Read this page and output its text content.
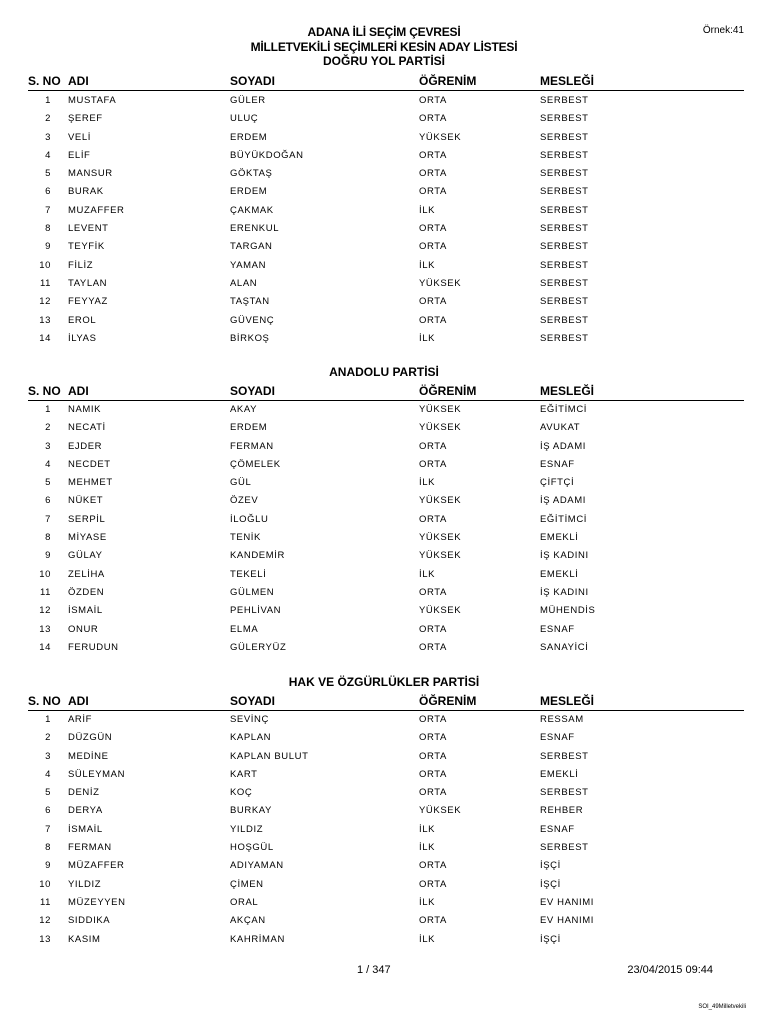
ADANA İLİ SEÇİM ÇEVRESİ
MİLLETVEKİLİ SEÇİMLERİ KESİN ADAY LİSTESİ
Örnek:41
DOĞRU YOL PARTİSİ
S. NO ADI	SOYADI	ÖĞRENİM	MESLEĞİ
1 MUSTAFA	GÜLER	ORTA	SERBEST
2 ŞEREF	ULUÇ	ORTA	SERBEST
3 VELİ	ERDEM	YÜKSEK	SERBEST
4 ELİF	BÜYÜKDOĞAN	ORTA	SERBEST
5 MANSUR	GÖKTAŞ	ORTA	SERBEST
6 BURAK	ERDEM	ORTA	SERBEST
7 MUZAFFER	ÇAKMAK	İLK	SERBEST
8 LEVENT	ERENKUL	ORTA	SERBEST
9 TEYFİK	TARGAN	ORTA	SERBEST
10 FİLİZ	YAMAN	İLK	SERBEST
11 TAYLAN	ALAN	YÜKSEK	SERBEST
12 FEYYAZ	TAŞTAN	ORTA	SERBEST
13 EROL	GÜVENÇ	ORTA	SERBEST
14 İLYAS	BİRKOŞ	İLK	SERBEST
ANADOLU PARTİSİ
S. NO ADI	SOYADI	ÖĞRENİM	MESLEĞİ
1 NAMIK	AKAY	YÜKSEK	EĞİTİMCİ
2 NECATİ	ERDEM	YÜKSEK	AVUKAT
3 EJDER	FERMAN	ORTA	İŞ ADAMI
4 NECDET	ÇÖMELEK	ORTA	ESNAF
5 MEHMET	GÜL	İLK	ÇİFTÇİ
6 NÜKET	ÖZEV	YÜKSEK	İŞ ADAMI
7 SERPİL	İLOĞLU	ORTA	EĞİTİMCİ
8 MİYASE	TENİK	YÜKSEK	EMEKLİ
9 GÜLAY	KANDEMİR	YÜKSEK	İŞ KADINI
10 ZELİHA	TEKELİ	İLK	EMEKLİ
11 ÖZDEN	GÜLMEN	ORTA	İŞ KADINI
12 İSMAİL	PEHLİVAN	YÜKSEK	MÜHENDİS
13 ONUR	ELMA	ORTA	ESNAF
14 FERUDUN	GÜLERYÜZ	ORTA	SANAYİCİ
HAK VE ÖZGÜRLÜKLER PARTİSİ
S. NO ADI	SOYADI	ÖĞRENİM	MESLEĞİ
1 ARİF	SEVİNÇ	ORTA	RESSAM
2 DÜZGÜN	KAPLAN	ORTA	ESNAF
3 MEDİNE	KAPLAN BULUT	ORTA	SERBEST
4 SÜLEYMAN	KART	ORTA	EMEKLİ
5 DENİZ	KOÇ	ORTA	SERBEST
6 DERYA	BURKAY	YÜKSEK	REHBER
7 İSMAİL	YILDIZ	İLK	ESNAF
8 FERMAN	HOŞGÜL	İLK	SERBEST
9 MÜZAFFER	ADIYAMAN	ORTA	İŞÇİ
10 YILDIZ	ÇİMEN	ORTA	İŞÇİ
11 MÜZEYYEN	ORAL	İLK	EV HANIMI
12 SIDDIKA	AKÇAN	ORTA	EV HANIMI
13 KASIM	KAHRİMAN	İLK	İŞÇİ
1 / 347	23/04/2015 09:44
SOI_49Milletvekili
